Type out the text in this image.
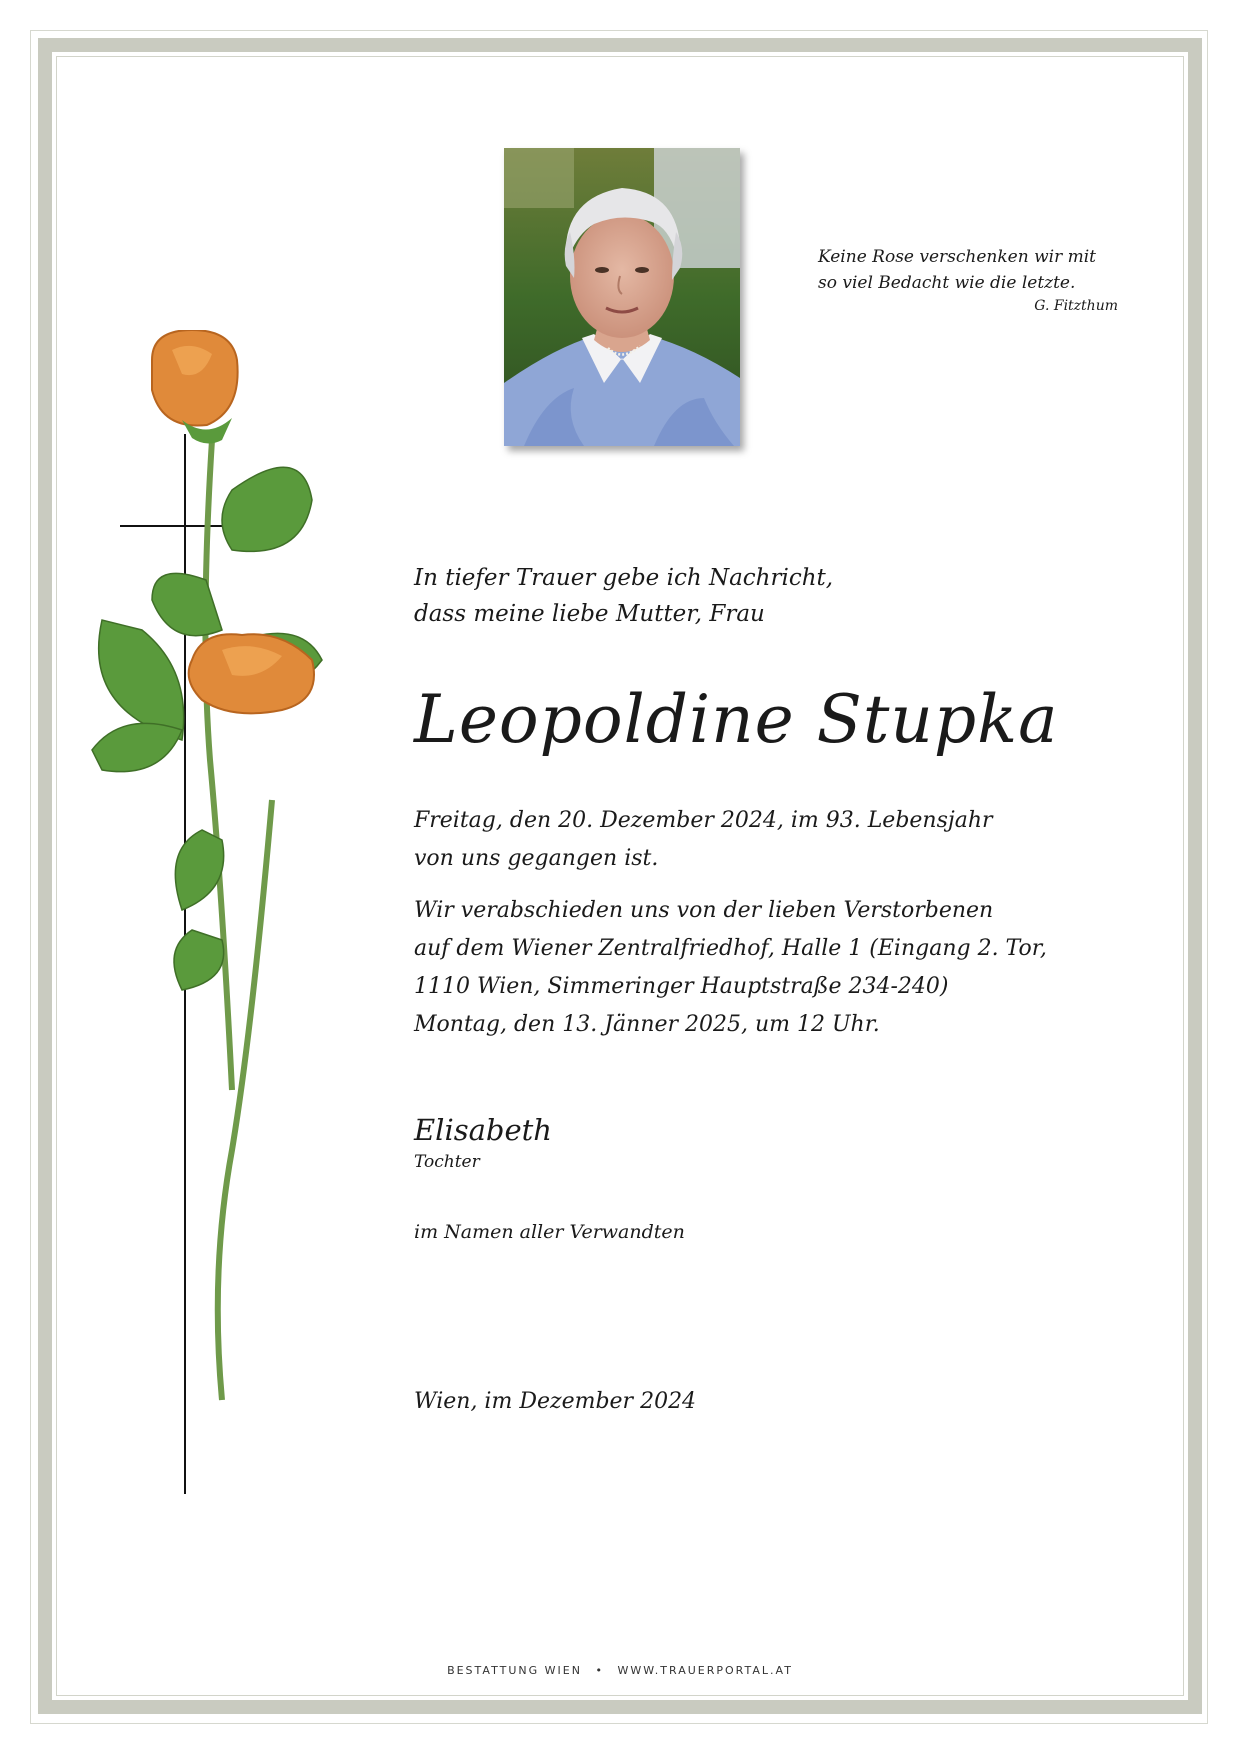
Keine Rose verschenken wir mit
so viel Bedacht wie die letzte.
G. Fitzthum
In tiefer Trauer gebe ich Nachricht,
dass meine liebe Mutter, Frau
Leopoldine Stupka
Freitag, den 20. Dezember 2024, im 93. Lebensjahr
von uns gegangen ist.
Wir verabschieden uns von der lieben Verstorbenen
auf dem Wiener Zentralfriedhof, Halle 1 (Eingang 2. Tor,
1110 Wien, Simmeringer Hauptstraße 234-240)
Montag, den 13. Jänner 2025, um 12 Uhr.
Elisabeth
Tochter
im Namen aller Verwandten
Wien, im Dezember 2024
BESTATTUNG WIEN • WWW.TRAUERPORTAL.AT
